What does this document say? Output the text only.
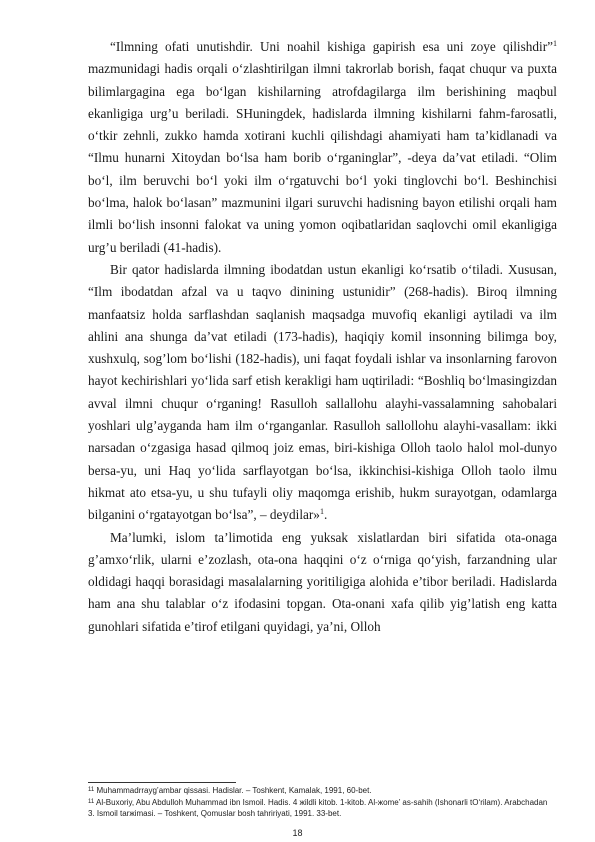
“Ilmning ofati unutishdir. Uni noahil kishiga gapirish esa uni zoye qilishdir”$^1$ mazmunidagi hadis orqali o‘zlashtirilgan ilmni takrorlab borish, faqat chuqur va puxta bilimlargagina ega bo‘lgan kishilarning atrofdagilarga ilm berishining maqbul ekanligiga urg’u beriladi. SHuningdek, hadislarda ilmning kishilarni fahm-farosatli, o‘tkir zehnli, zukko hamda xotirani kuchli qilishdagi ahamiyati ham ta’kidlanadi va “Ilmu hunarni Xitoydan bo‘lsa ham borib o‘rganinglar”, -deya da’vat etiladi. “Olim bo‘l, ilm beruvchi bo‘l yoki ilm o‘rgatuvchi bo‘l yoki tinglovchi bo‘l. Beshinchisi bo‘lma, halok bo‘lasan” mazmunini ilgari suruvchi hadisning bayon etilishi orqali ham ilmli bo‘lish insonni falokat va uning yomon oqibatlaridan saqlovchi omil ekanligiga urg’u beriladi (41-hadis).

Bir qator hadislarda ilmning ibodatdan ustun ekanligi ko‘rsatib o‘tiladi. Xususan, “Ilm ibodatdan afzal va u taqvo dinining ustunidir” (268-hadis). Biroq ilmning manfaatsiz holda sarflashdan saqlanish maqsadga muvofiq ekanligi aytiladi va ilm ahlini ana shunga da’vat etiladi (173-hadis), haqiqiy komil insonning bilimga boy, xushxulq, sog’lom bo‘lishi (182-hadis), uni faqat foydali ishlar va insonlarning farovon hayot kechirishlari yo‘lida sarf etish kerakligi ham uqtiriladi: “Boshliq bo‘lmasingizdan avval ilmni chuqur o‘rganing! Rasulloh sallallohu alayhi-vassalamning sahobalari yoshlari ulg’ayganda ham ilm o‘rganganlar. Rasulloh sallollohu alayhi-vasallam: ikki narsadan o‘zgasiga hasad qilmoq joiz emas, biri-kishiga Olloh taolo halol mol-dunyo bersa-yu, uni Haq yo‘lida sarflayotgan bo‘lsa, ikkinchisi-kishiga Olloh taolo ilmu hikmat ato etsa-yu, u shu tufayli oliy maqomga erishib, hukm surayotgan, odamlarga bilganini o‘rgatayotgan bo‘lsa”, – deydilar»$^1$.

Ma’lumki, islom ta’limotida eng yuksak xislatlardan biri sifatida ota-onaga g’amxo‘rlik, ularni e’zozlash, ota-ona haqqini o‘z o‘rniga qo‘yish, farzandning ular oldidagi haqqi borasidagi masalalarning yoritiligiga alohida e’tibor beriladi. Hadislarda ham ana shu talablar o‘z ifodasini topgan. Ota-onani xafa qilib yig’latish eng katta gunohlari sifatida e’tirof etilgani quyidagi, ya’ni, Olloh

$^{11}$ Muhammadrrayg’ambar qissasi. Hadislar. – Toshkent, Kamalak, 1991, 60-bet.

$^{11}$ Al-Buxoriy, Abu Abdulloh Muhammad ibn Ismoil. Hadis. 4 жildli kitob. 1-kitob. Al-жome’ as-sahih (Ishonarli tO‘rilam). Arabchadan

3. Ismoil tarжimasi. – Toshkent, Qomuslar bosh tahririyati, 1991. 33-bet.

18
